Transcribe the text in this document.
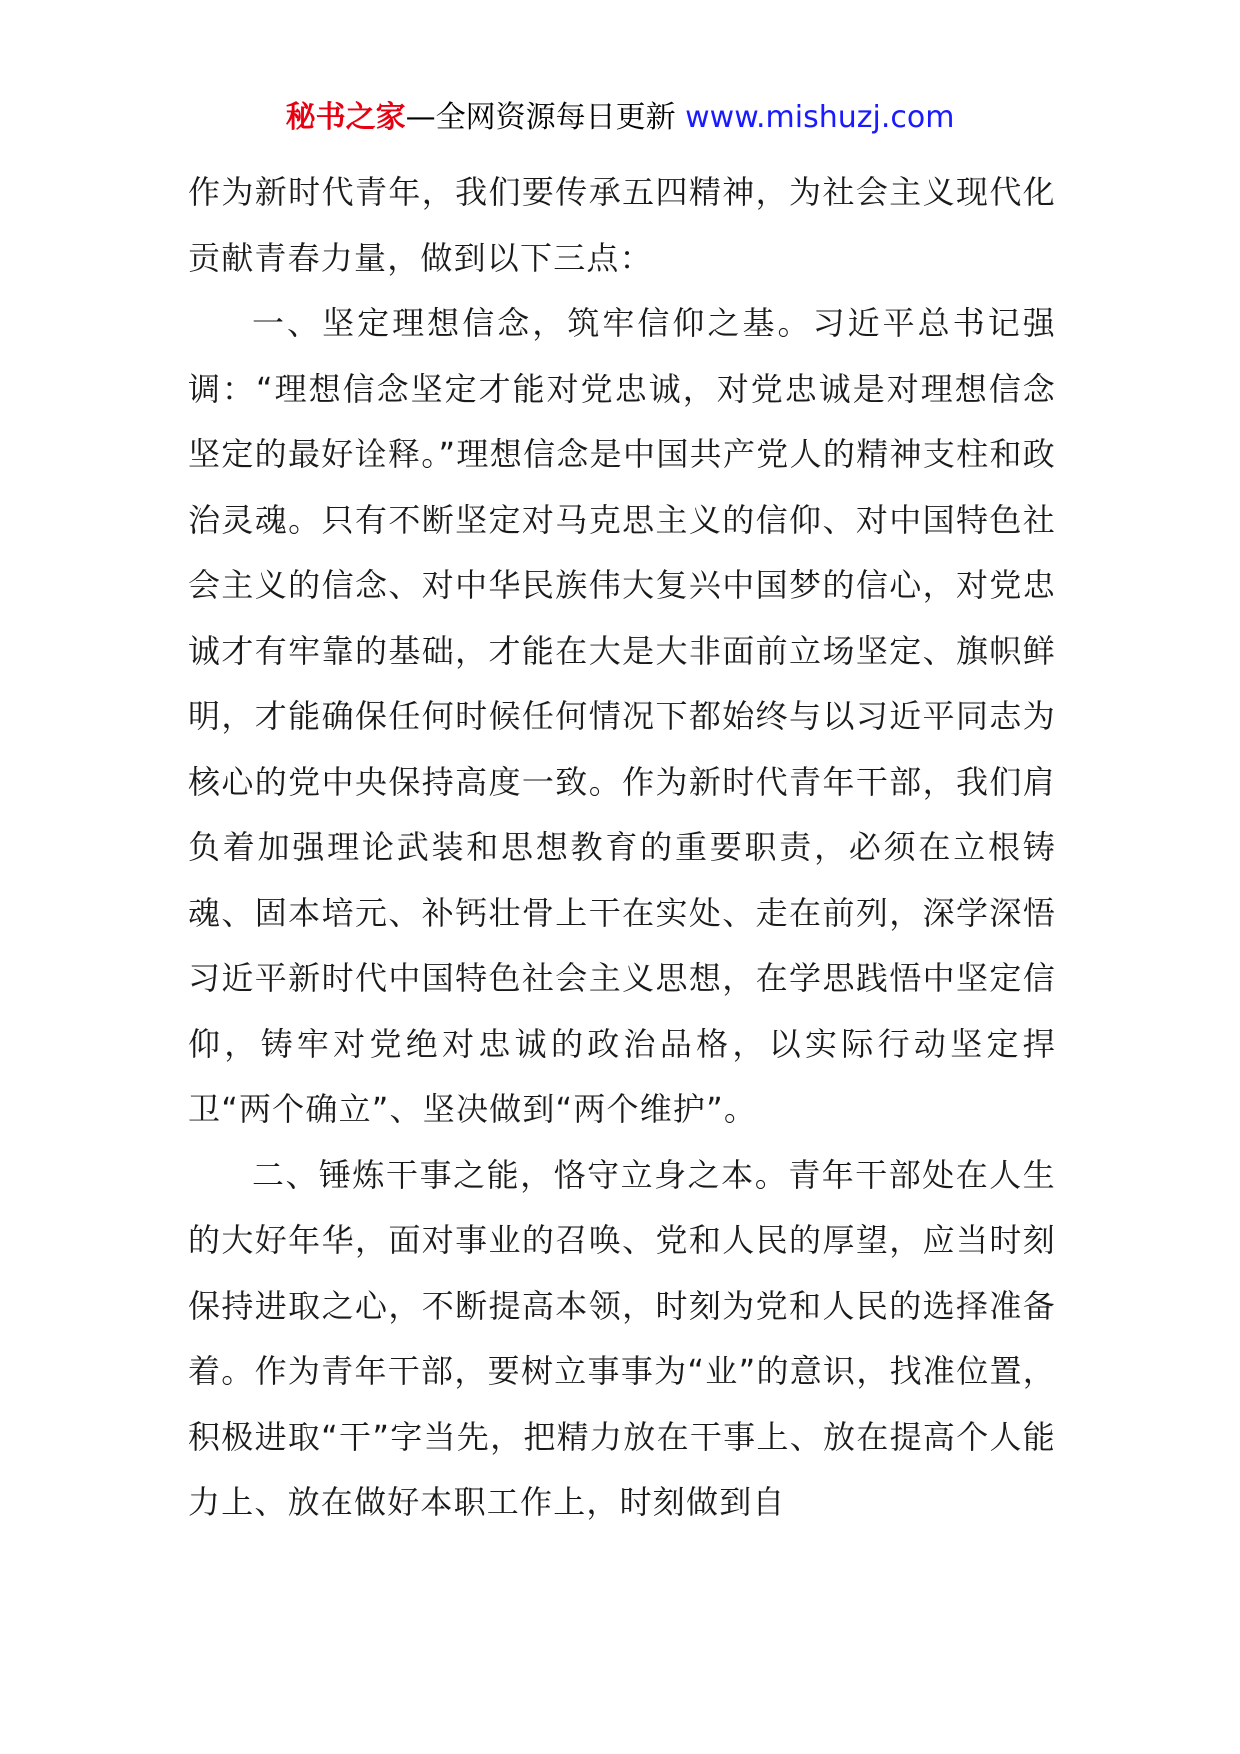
秘书之家—全网资源每日更新 www.mishuzj.com

作为新时代青年，我们要传承五四精神，为社会主义现代化贡献青春力量，做到以下三点：

一、坚定理想信念，筑牢信仰之基。习近平总书记强调：“理想信念坚定才能对党忠诚，对党忠诚是对理想信念坚定的最好诠释。”理想信念是中国共产党人的精神支柱和政治灵魂。只有不断坚定对马克思主义的信仰、对中国特色社会主义的信念、对中华民族伟大复兴中国梦的信心，对党忠诚才有牢靠的基础，才能在大是大非面前立场坚定、旗帜鲜明，才能确保任何时候任何情况下都始终与以习近平同志为核心的党中央保持高度一致。作为新时代青年干部，我们肩负着加强理论武装和思想教育的重要职责，必须在立根铸魂、固本培元、补钙壮骨上干在实处、走在前列，深学深悟习近平新时代中国特色社会主义思想，在学思践悟中坚定信仰，铸牢对党绝对忠诚的政治品格，以实际行动坚定捍卫“两个确立”、坚决做到“两个维护”。

二、锤炼干事之能，恪守立身之本。青年干部处在人生的大好年华，面对事业的召唤、党和人民的厚望，应当时刻保持进取之心，不断提高本领，时刻为党和人民的选择准备着。作为青年干部，要树立事事为“业”的意识，找准位置，积极进取“干”字当先，把精力放在干事上、放在提高个人能力上、放在做好本职工作上，时刻做到自
